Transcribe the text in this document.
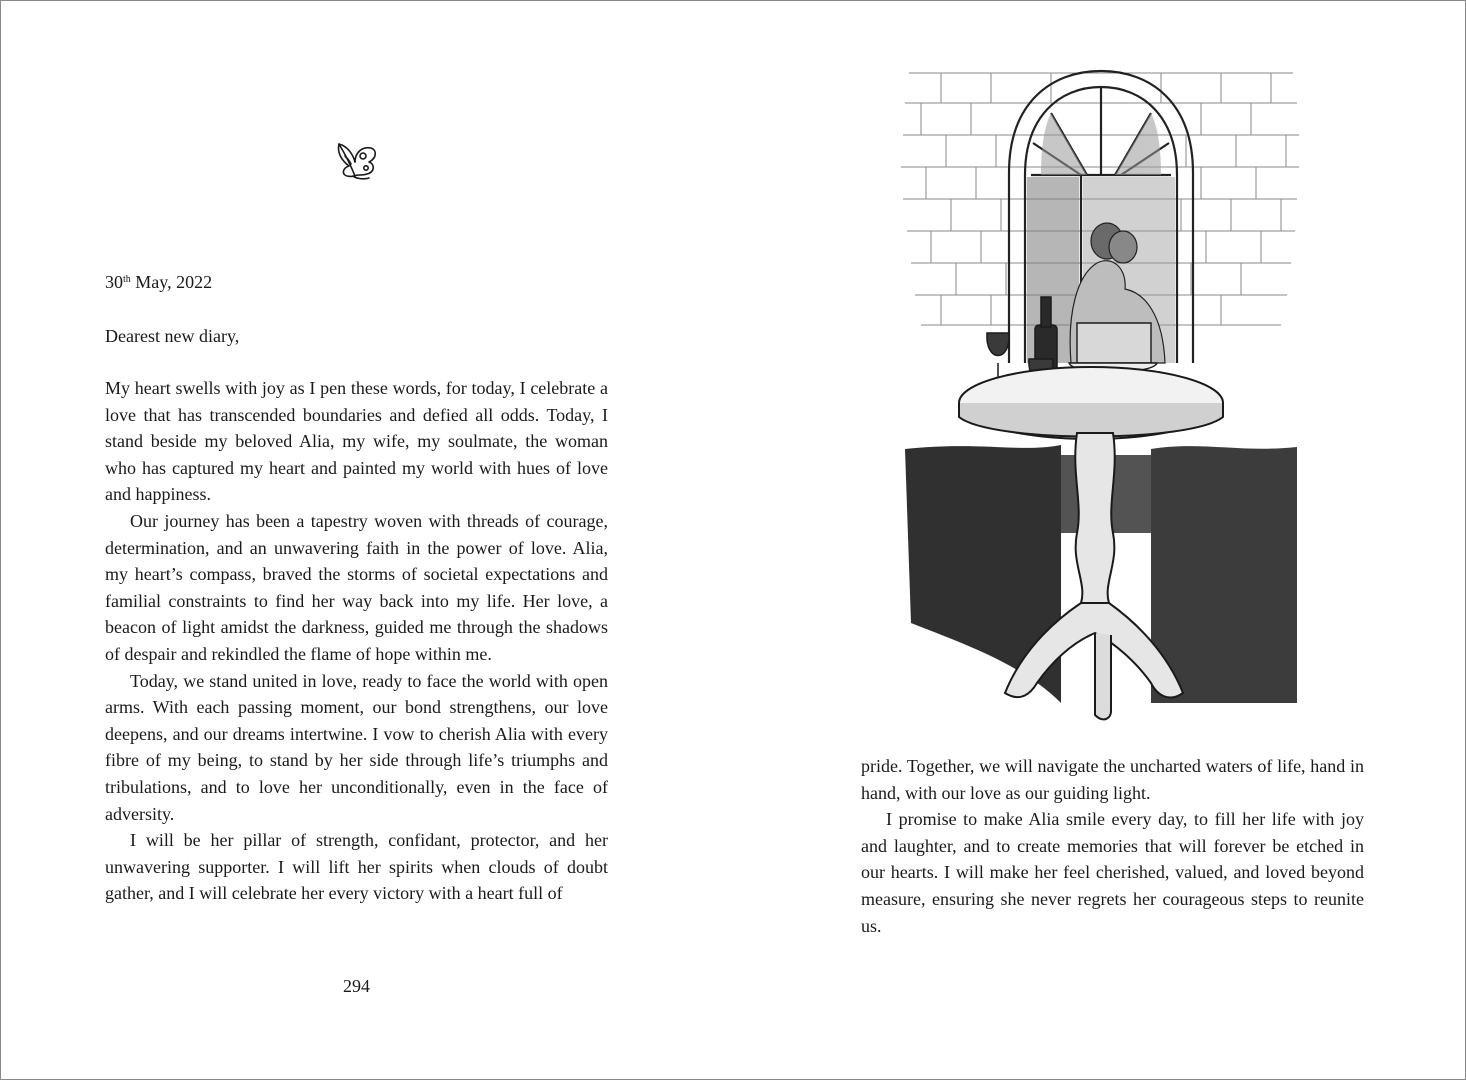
30th May, 2022
Dearest new diary,

My heart swells with joy as I pen these words, for today, I celebrate a love that has transcended boundaries and defied all odds. Today, I stand beside my beloved Alia, my wife, my soulmate, the woman who has captured my heart and painted my world with hues of love and happiness.

Our journey has been a tapestry woven with threads of courage, determination, and an unwavering faith in the power of love. Alia, my heart’s compass, braved the storms of societal expectations and familial constraints to find her way back into my life. Her love, a beacon of light amidst the darkness, guided me through the shadows of despair and rekindled the flame of hope within me.

Today, we stand united in love, ready to face the world with open arms. With each passing moment, our bond strengthens, our love deepens, and our dreams intertwine. I vow to cherish Alia with every fibre of my being, to stand by her side through life’s triumphs and tribulations, and to love her unconditionally, even in the face of adversity.

I will be her pillar of strength, confidant, protector, and her unwavering supporter. I will lift her spirits when clouds of doubt gather, and I will celebrate her every victory with a heart full of

294

pride. Together, we will navigate the uncharted waters of life, hand in hand, with our love as our guiding light.

I promise to make Alia smile every day, to fill her life with joy and laughter, and to create memories that will forever be etched in our hearts. I will make her feel cherished, valued, and loved beyond measure, ensuring she never regrets her courageous steps to reunite us.
